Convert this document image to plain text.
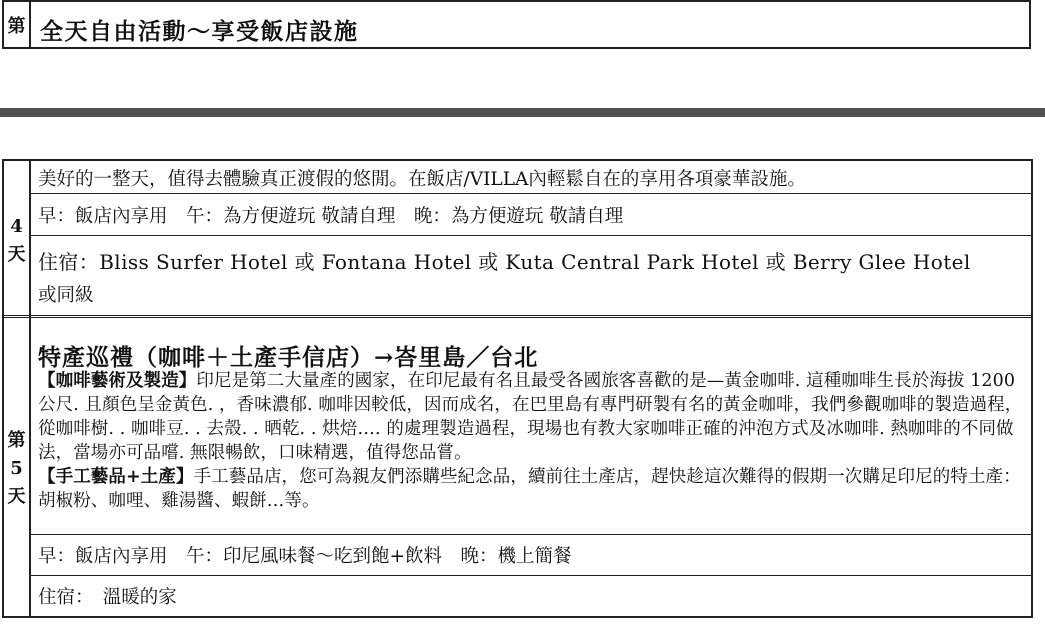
第 全天自由活動～享受飯店設施
4
天
美好的一整天，值得去體驗真正渡假的悠閒。在飯店/VILLA內輕鬆自在的享用各項豪華設施。
早：飯店內享用　午：為方便遊玩 敬請自理　晚：為方便遊玩 敬請自理
住宿：Bliss Surfer Hotel 或 Fontana Hotel 或 Kuta Central Park Hotel 或 Berry Glee Hotel
或同級
第
5
天
特產巡禮（咖啡＋土產手信店）→峇里島／台北
【咖啡藝術及製造】印尼是第二大量產的國家，在印尼最有名且最受各國旅客喜歡的是—黃金咖啡. 這種咖啡生長於海拔 1200 公尺. 且顏色呈金黃色. ，香味濃郁. 咖啡因較低，因而成名，在巴里島有專門研製有名的黃金咖啡，我們參觀咖啡的製造過程，從咖啡樹. . 咖啡豆. . 去殼. . 晒乾. . 烘焙…. 的處理製造過程，現場也有教大家咖啡正確的沖泡方式及冰咖啡. 熱咖啡的不同做法，當場亦可品嚐. 無限暢飲，口味精選，值得您品嘗。
【手工藝品+土產】手工藝品店，您可為親友們添購些紀念品，續前往土產店，趕快趁這次難得的假期一次購足印尼的特土產：胡椒粉、咖哩、雞湯醬、蝦餅…等。
早：飯店內享用　午：印尼風味餐～吃到飽+飲料　晚：機上簡餐
住宿：　溫暖的家
